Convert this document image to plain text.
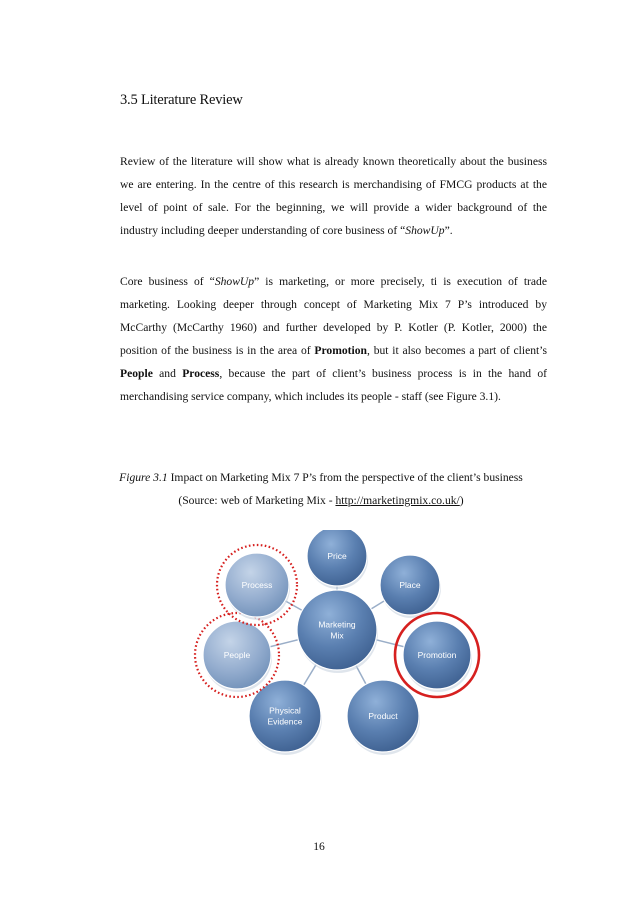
3.5 Literature Review

Review of the literature will show what is already known theoretically about the business we are entering. In the centre of this research is merchandising of FMCG products at the level of point of sale. For the beginning, we will provide a wider background of the industry including deeper understanding of core business of “ShowUp”.

Core business of “ShowUp” is marketing, or more precisely, ti is execution of trade marketing. Looking deeper through concept of Marketing Mix 7 P’s introduced by McCarthy (McCarthy 1960) and further developed by P. Kotler (P. Kotler, 2000) the position of the business is in the area of Promotion, but it also becomes a part of client’s People and Process, because the part of client’s business process is in the hand of merchandising service company, which includes its people - staff (see Figure 3.1).

Figure 3.1 Impact on Marketing Mix 7 P’s from the perspective of the client’s business (Source: web of Marketing Mix - http://marketingmix.co.uk/)

Price
Place
Promotion
Product
Physical Evidence
People
Process
Marketing Mix
16
